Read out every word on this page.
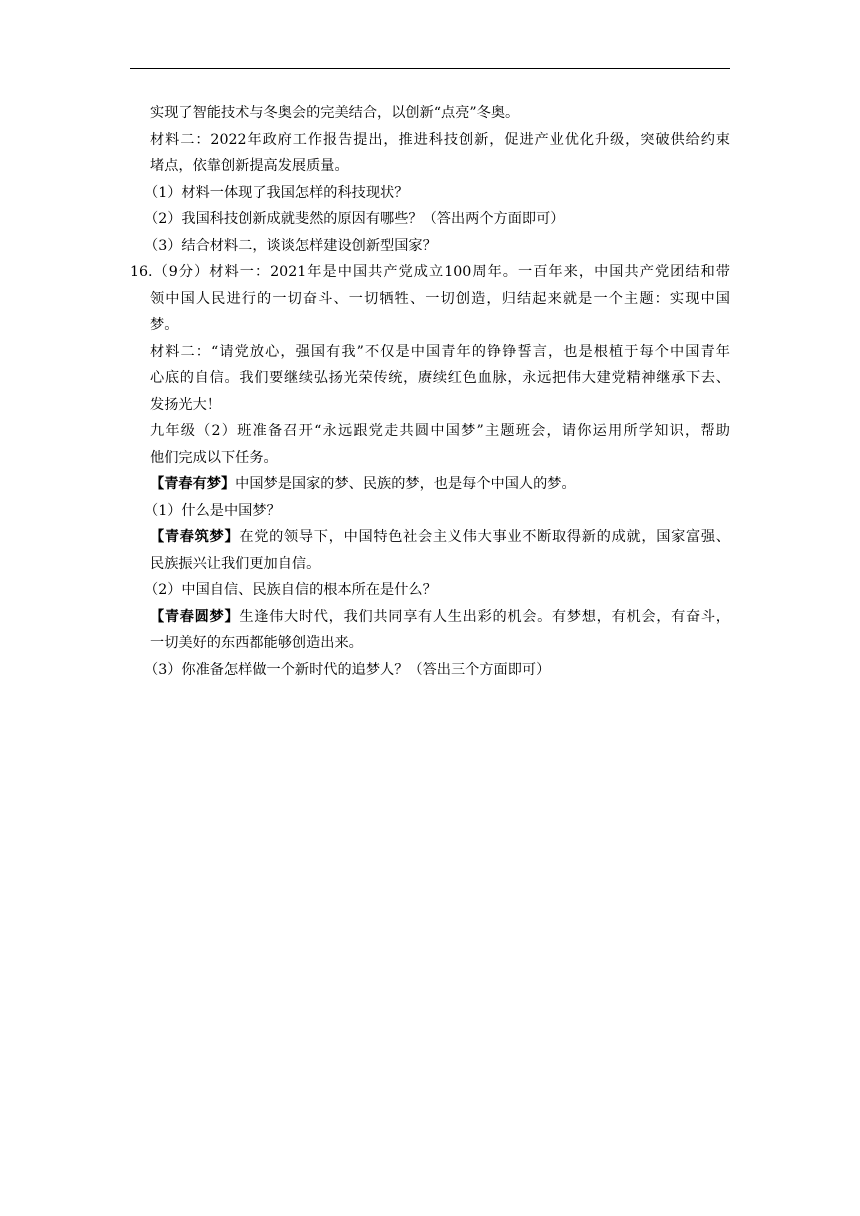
实现了智能技术与冬奥会的完美结合，以创新“点亮”冬奥。
材料二：2022年政府工作报告提出，推进科技创新，促进产业优化升级，突破供给约束
堵点，依靠创新提高发展质量。
（1）材料一体现了我国怎样的科技现状？
（2）我国科技创新成就斐然的原因有哪些？（答出两个方面即可）
（3）结合材料二，谈谈怎样建设创新型国家？
16.（9分）材料一：2021年是中国共产党成立100周年。一百年来，中国共产党团结和带
领中国人民进行的一切奋斗、一切牺牲、一切创造，归结起来就是一个主题：实现中国
梦。
材料二：“请党放心，强国有我”不仅是中国青年的铮铮誓言，也是根植于每个中国青年
心底的自信。我们要继续弘扬光荣传统，赓续红色血脉，永远把伟大建党精神继承下去、
发扬光大！
九年级（2）班准备召开“永远跟党走共圆中国梦”主题班会，请你运用所学知识，帮助
他们完成以下任务。
【青春有梦】中国梦是国家的梦、民族的梦，也是每个中国人的梦。
（1）什么是中国梦？
【青春筑梦】在党的领导下，中国特色社会主义伟大事业不断取得新的成就，国家富强、
民族振兴让我们更加自信。
（2）中国自信、民族自信的根本所在是什么？
【青春圆梦】生逢伟大时代，我们共同享有人生出彩的机会。有梦想，有机会，有奋斗，
一切美好的东西都能够创造出来。
（3）你准备怎样做一个新时代的追梦人？（答出三个方面即可）
